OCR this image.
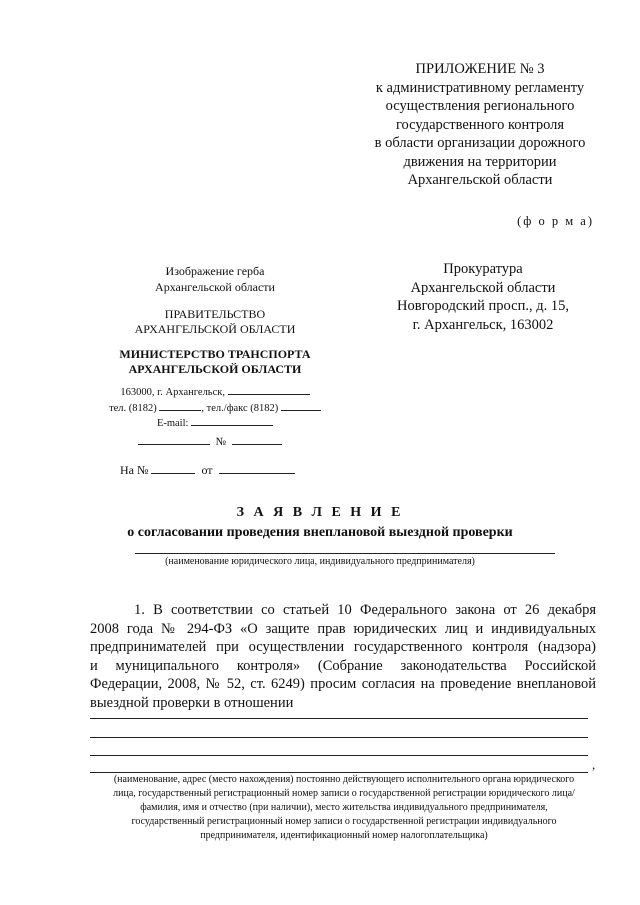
ПРИЛОЖЕНИЕ № 3
к административному регламенту
осуществления регионального
государственного контроля
в области организации дорожного
движения на территории
Архангельской области
(ф о р м а)
Изображение герба
Архангельской области
ПРАВИТЕЛЬСТВО
АРХАНГЕЛЬСКОЙ ОБЛАСТИ
МИНИСТЕРСТВО ТРАНСПОРТА
АРХАНГЕЛЬСКОЙ ОБЛАСТИ
163000, г. Архангельск,
тел. (8182)	, тел./факс (8182)
E-mail:
№
На №	от
Прокуратура
Архангельской области
Новгородский просп., д. 15,
г. Архангельск, 163002
З А Я В Л Е Н И Е
о согласовании проведения внеплановой выездной проверки
(наименование юридического лица, индивидуального предпринимателя)
1. В соответствии со статьей 10 Федерального закона от 26 декабря
2008 года № 294-ФЗ «О защите прав юридических лиц и индивидуальных
предпринимателей при осуществлении государственного контроля (надзора)
и муниципального контроля» (Собрание законодательства Российской
Федерации, 2008, № 52, ст. 6249) просим согласия на проведение внеплановой
выездной проверки в отношении
,
(наименование, адрес (место нахождения) постоянно действующего исполнительного органа юридического
лица, государственный регистрационный номер записи о государственной регистрации юридического лица/
фамилия, имя и отчество (при наличии), место жительства индивидуального предпринимателя,
государственный регистрационный номер записи о государственной регистрации индивидуального
предпринимателя, идентификационный номер налогоплательщика)
